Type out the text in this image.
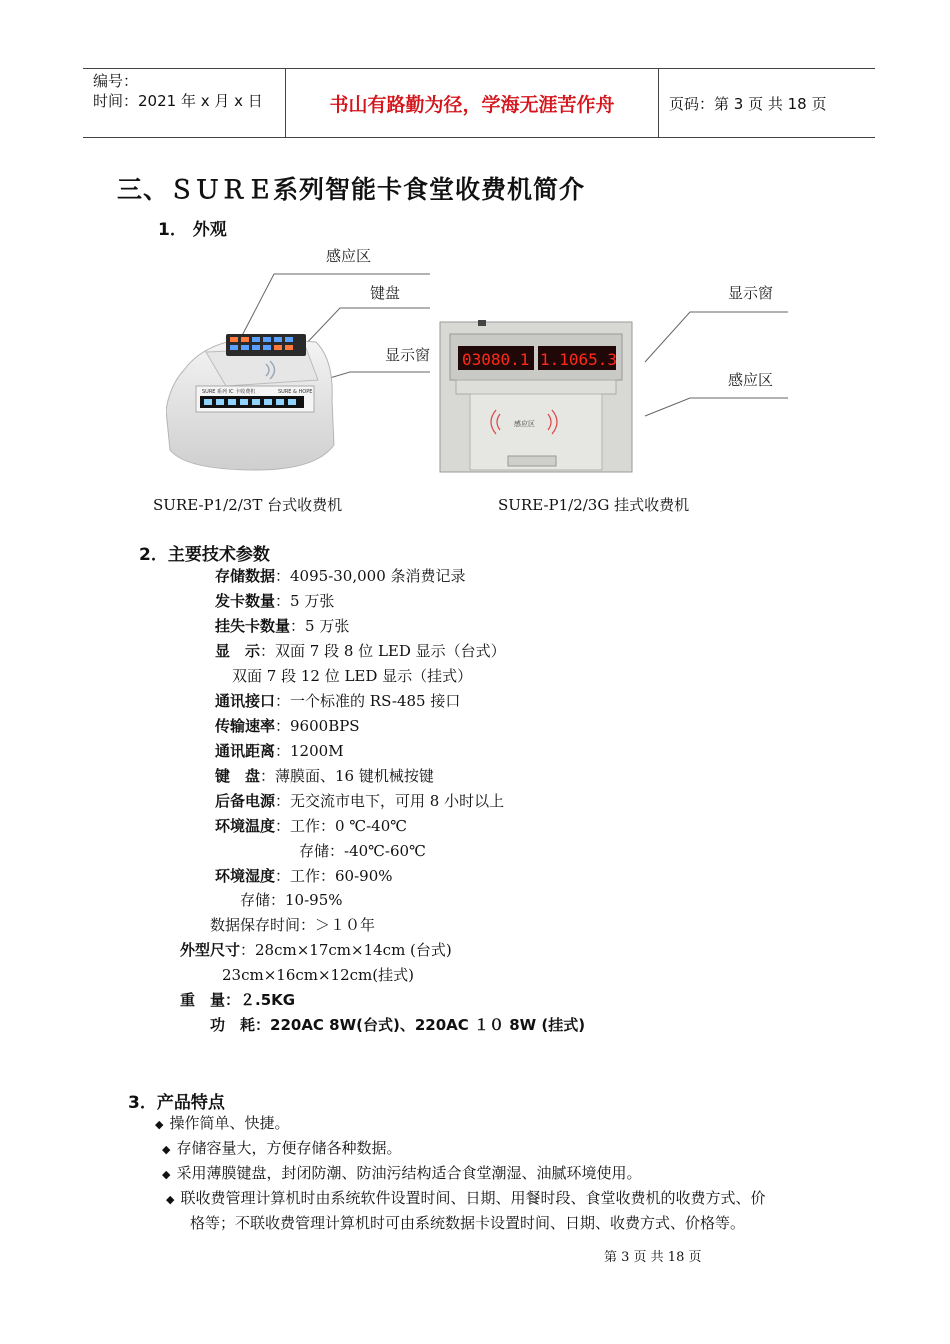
编号：
时间：2021 年 x 月 x 日	书山有路勤为径，学海无涯苦作舟	页码：第 3 页 共 18 页
三、ＳＵＲＥ系列智能卡食堂收费机简介
1． 外观
感应区
键盘
显示窗
显示窗
感应区
SURE 系列 IC 卡收费机	SURE & HOPE
03080.1 1.1065.3
感应区
SURE-P1/2/3T 台式收费机	SURE-P1/2/3G 挂式收费机
2．主要技术参数
存储数据：4095-30,000 条消费记录
发卡数量：5 万张
挂失卡数量：5 万张
显　示：双面 7 段 8 位 LED 显示（台式）
双面 7 段 12 位 LED 显示（挂式）
通讯接口：一个标准的 RS-485 接口
传输速率：9600BPS
通讯距离：1200M
键　盘：薄膜面、16 键机械按键
后备电源：无交流市电下，可用 8 小时以上
环境温度：工作：0 ℃-40℃
存储：-40℃-60℃
环境湿度：工作：60-90%
存储：10-95%
数据保存时间：＞１０年
外型尺寸：28cm×17cm×14cm (台式)
23cm×16cm×12cm(挂式)
重　量：２.5KG
功　耗：220AC 8W(台式)、220AC １０ 8W (挂式)
3．产品特点
◆ 操作简单、快捷。
◆ 存储容量大，方便存储各种数据。
◆ 采用薄膜键盘，封闭防潮、防油污结构适合食堂潮湿、油腻环境使用。
◆ 联收费管理计算机时由系统软件设置时间、日期、用餐时段、食堂收费机的收费方式、价
格等；不联收费管理计算机时可由系统数据卡设置时间、日期、收费方式、价格等。
第 3 页 共 18 页
